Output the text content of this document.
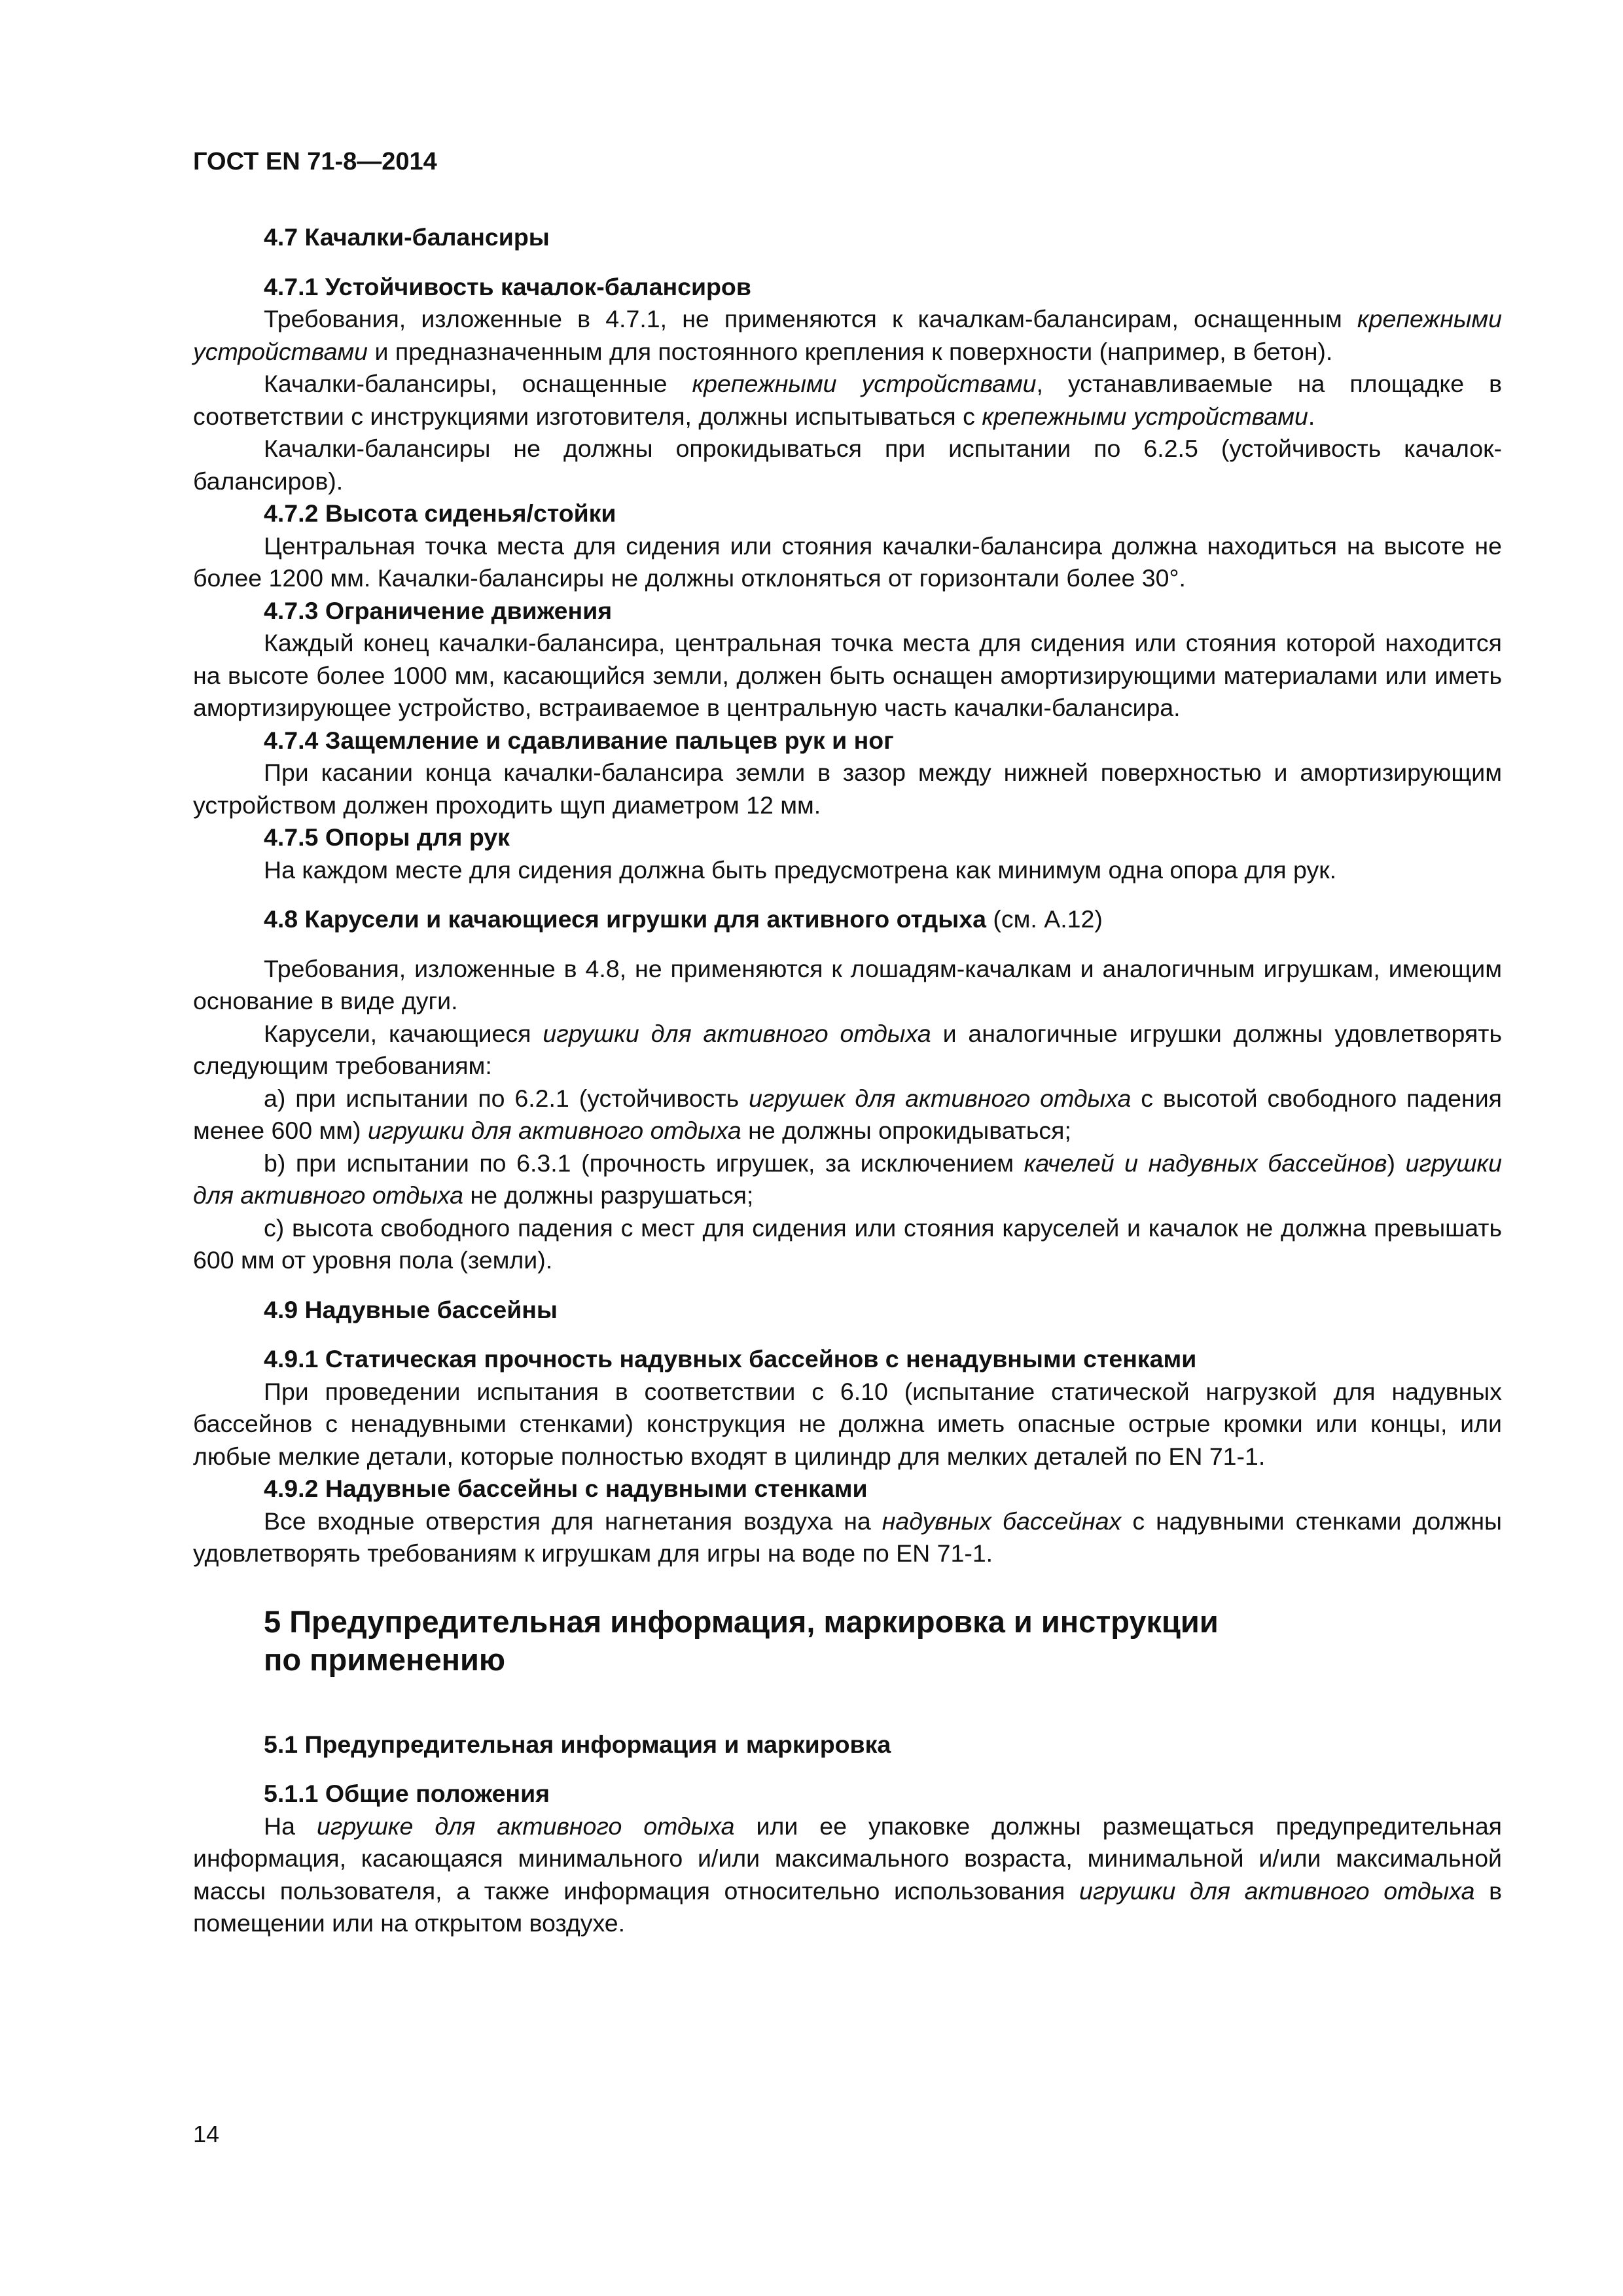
ГОСТ EN 71-8—2014
4.7 Качалки-балансиры
4.7.1 Устойчивость качалок-балансиров

Требования, изложенные в 4.7.1, не применяются к качалкам-балансирам, оснащенным крепежными устройствами и предназначенным для постоянного крепления к поверхности (например, в бетон).

Качалки-балансиры, оснащенные крепежными устройствами, устанавливаемые на площадке в соответствии с инструкциями изготовителя, должны испытываться с крепежными устройствами.

Качалки-балансиры не должны опрокидываться при испытании по 6.2.5 (устойчивость качалок-балансиров).

4.7.2 Высота сиденья/стойки

Центральная точка места для сидения или стояния качалки-балансира должна находиться на высоте не более 1200 мм. Качалки-балансиры не должны отклоняться от горизонтали более 30°.

4.7.3 Ограничение движения

Каждый конец качалки-балансира, центральная точка места для сидения или стояния которой находится на высоте более 1000 мм, касающийся земли, должен быть оснащен амортизирующими материалами или иметь амортизирующее устройство, встраиваемое в центральную часть качалки-балансира.

4.7.4 Защемление и сдавливание пальцев рук и ног

При касании конца качалки-балансира земли в зазор между нижней поверхностью и амортизирующим устройством должен проходить щуп диаметром 12 мм.

4.7.5 Опоры для рук

На каждом месте для сидения должна быть предусмотрена как минимум одна опора для рук.

4.8 Карусели и качающиеся игрушки для активного отдыха (см. А.12)

Требования, изложенные в 4.8, не применяются к лошадям-качалкам и аналогичным игрушкам, имеющим основание в виде дуги.

Карусели, качающиеся игрушки для активного отдыха и аналогичные игрушки должны удовлетворять следующим требованиям:

a) при испытании по 6.2.1 (устойчивость игрушек для активного отдыха с высотой свободного падения менее 600 мм) игрушки для активного отдыха не должны опрокидываться;

b) при испытании по 6.3.1 (прочность игрушек, за исключением качелей и надувных бассейнов) игрушки для активного отдыха не должны разрушаться;

c) высота свободного падения с мест для сидения или стояния каруселей и качалок не должна превышать 600 мм от уровня пола (земли).

4.9 Надувные бассейны
4.9.1 Статическая прочность надувных бассейнов с ненадувными стенками

При проведении испытания в соответствии с 6.10 (испытание статической нагрузкой для надувных бассейнов с ненадувными стенками) конструкция не должна иметь опасные острые кромки или концы, или любые мелкие детали, которые полностью входят в цилиндр для мелких деталей по EN 71-1.

4.9.2 Надувные бассейны с надувными стенками

Все входные отверстия для нагнетания воздуха на надувных бассейнах с надувными стенками должны удовлетворять требованиям к игрушкам для игры на воде по EN 71-1.

5 Предупредительная информация, маркировка и инструкции
по применению
5.1 Предупредительная информация и маркировка
5.1.1 Общие положения

На игрушке для активного отдыха или ее упаковке должны размещаться предупредительная информация, касающаяся минимального и/или максимального возраста, минимальной и/или максимальной массы пользователя, а также информация относительно использования игрушки для активного отдыха в помещении или на открытом воздухе.

14
